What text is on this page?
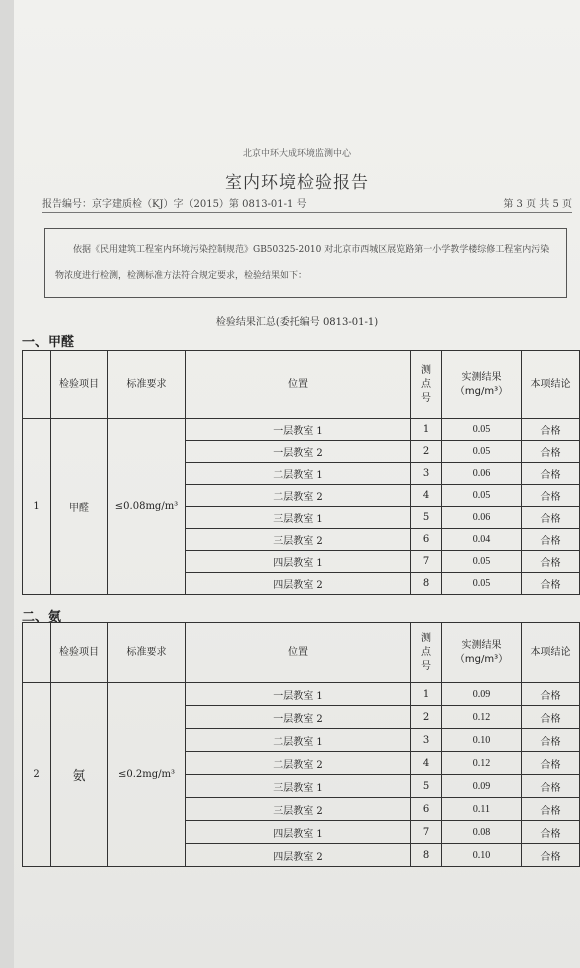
北京中环大成环境监测中心
室内环境检验报告
报告编号：京字建质检（KJ）字（2015）第 0813-01-1 号	第 3 页 共 5 页
依据《民用建筑工程室内环境污染控制规范》GB50325-2010 对北京市西城区展览路第一小学教学楼综修工程室内污染物浓度进行检测，检测标准方法符合规定要求，检验结果如下：
检验结果汇总(委托编号 0813-01-1)
一、甲醛
	检验项目	标准要求	位置	测点号	实测结果（mg/m³）	本项结论
1	甲醛	≤0.08mg/m³	一层教室 1	1	0.05	合格
			一层教室 2	2	0.05	合格
			二层教室 1	3	0.06	合格
			二层教室 2	4	0.05	合格
			三层教室 1	5	0.06	合格
			三层教室 2	6	0.04	合格
			四层教室 1	7	0.05	合格
			四层教室 2	8	0.05	合格
二、氨
	检验项目	标准要求	位置	测点号	实测结果（mg/m³）	本项结论
2	氨	≤0.2mg/m³	一层教室 1	1	0.09	合格
			一层教室 2	2	0.12	合格
			二层教室 1	3	0.10	合格
			二层教室 2	4	0.12	合格
			三层教室 1	5	0.09	合格
			三层教室 2	6	0.11	合格
			四层教室 1	7	0.08	合格
			四层教室 2	8	0.10	合格
